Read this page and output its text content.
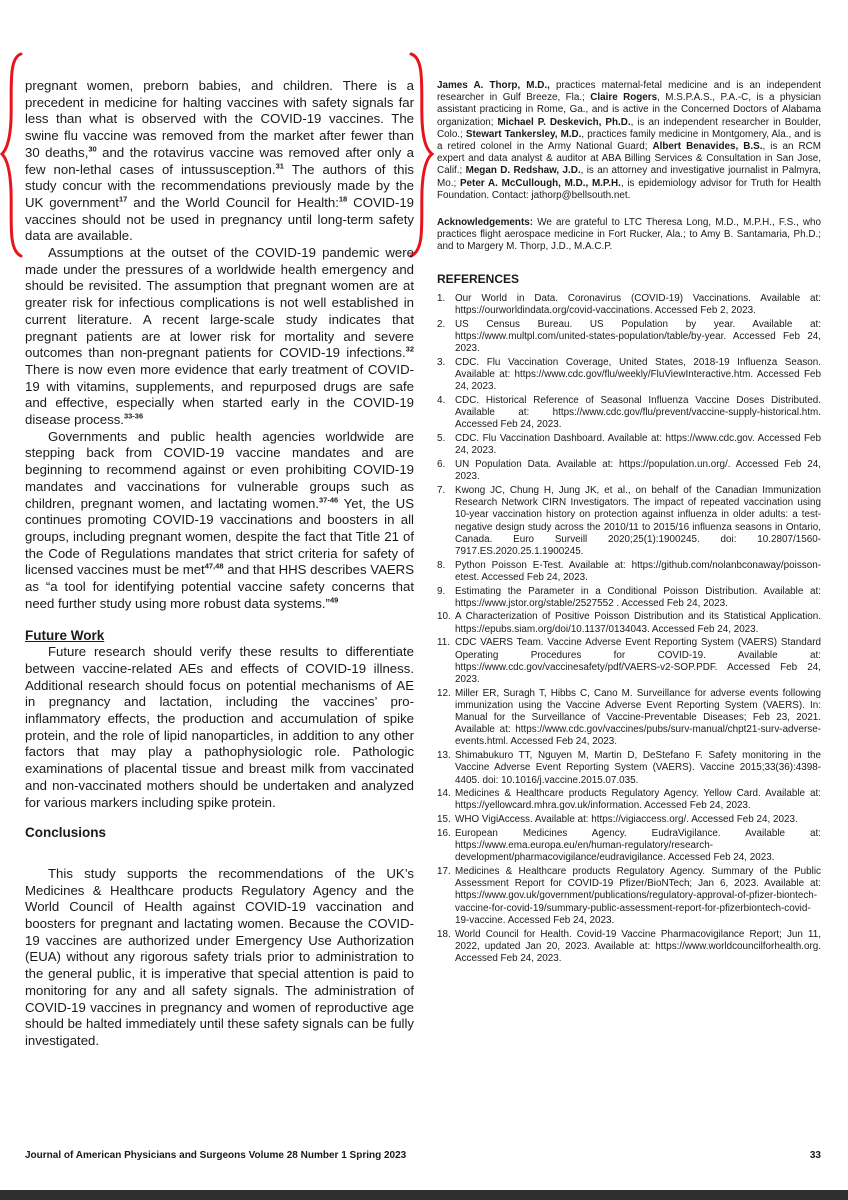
pregnant women, preborn babies, and children. There is a precedent in medicine for halting vaccines with safety signals far less than what is observed with the COVID-19 vaccines. The swine flu vaccine was removed from the market after fewer than 30 deaths,$^{30}$ and the rotavirus vaccine was removed after only a few non-lethal cases of intussusception.$^{31}$ The authors of this study concur with the recommendations previously made by the UK government$^{17}$ and the World Council for Health:$^{18}$ COVID-19 vaccines should not be used in pregnancy until long-term safety data are available.

Assumptions at the outset of the COVID-19 pandemic were made under the pressures of a worldwide health emergency and should be revisited. The assumption that pregnant women are at greater risk for infectious complications is not well established in current literature. A recent large-scale study indicates that pregnant patients are at lower risk for mortality and severe outcomes than non-pregnant patients for COVID-19 infections.$^{32}$ There is now even more evidence that early treatment of COVID-19 with vitamins, supplements, and repurposed drugs are safe and effective, especially when started early in the COVID-19 disease process.$^{33-36}$

Governments and public health agencies worldwide are stepping back from COVID-19 vaccine mandates and are beginning to recommend against or even prohibiting COVID-19 mandates and vaccinations for vulnerable groups such as children, pregnant women, and lactating women.$^{37-46}$ Yet, the US continues promoting COVID-19 vaccinations and boosters in all groups, including pregnant women, despite the fact that Title 21 of the Code of Regulations mandates that strict criteria for safety of licensed vaccines must be met$^{47,48}$ and that HHS describes VAERS as “a tool for identifying potential vaccine safety concerns that need further study using more robust data systems.”$^{49}$

Future Work

Future research should verify these results to differentiate between vaccine-related AEs and effects of COVID-19 illness. Additional research should focus on potential mechanisms of AE in pregnancy and lactation, including the vaccines’ pro-inflammatory effects, the production and accumulation of spike protein, and the role of lipid nanoparticles, in addition to any other factors that may play a pathophysiologic role. Pathologic examinations of placental tissue and breast milk from vaccinated and non-vaccinated mothers should be undertaken and analyzed for various markers including spike protein.

Conclusions

This study supports the recommendations of the UK’s Medicines & Healthcare products Regulatory Agency and the World Council of Health against COVID-19 vaccination and boosters for pregnant and lactating women. Because the COVID-19 vaccines are authorized under Emergency Use Authorization (EUA) without any rigorous safety trials prior to administration to the general public, it is imperative that special attention is paid to monitoring for any and all safety signals. The administration of COVID-19 vaccines in pregnancy and women of reproductive age should be halted immediately until these safety signals can be fully investigated.

James A. Thorp, M.D., practices maternal-fetal medicine and is an independent researcher in Gulf Breeze, Fla.; Claire Rogers, M.S.P.A.S., P.A.-C, is a physician assistant practicing in Rome, Ga., and is active in the Concerned Doctors of Alabama organization; Michael P. Deskevich, Ph.D., is an independent researcher in Boulder, Colo.; Stewart Tankersley, M.D., practices family medicine in Montgomery, Ala., and is a retired colonel in the Army National Guard; Albert Benavides, B.S., is an RCM expert and data analyst & auditor at ABA Billing Services & Consultation in San Jose, Calif.; Megan D. Redshaw, J.D., is an attorney and investigative journalist in Palmyra, Mo.; Peter A. McCullough, M.D., M.P.H., is epidemiology advisor for Truth for Health Foundation. Contact: jathorp@bellsouth.net.

Acknowledgements: We are grateful to LTC Theresa Long, M.D., M.P.H., F.S., who practices flight aerospace medicine in Fort Rucker, Ala.; to Amy B. Santamaria, Ph.D.; and to Margery M. Thorp, J.D., M.A.C.P.

REFERENCES

1. Our World in Data. Coronavirus (COVID-19) Vaccinations. Available at: https://ourworldindata.org/covid-vaccinations. Accessed Feb 2, 2023.
2. US Census Bureau. US Population by year. Available at: https://www.multpl.com/united-states-population/table/by-year. Accessed Feb 24, 2023.
3. CDC. Flu Vaccination Coverage, United States, 2018-19 Influenza Season. Available at: https://www.cdc.gov/flu/weekly/FluViewInteractive.htm. Accessed Feb 24, 2023.
4. CDC. Historical Reference of Seasonal Influenza Vaccine Doses Distributed. Available at: https://www.cdc.gov/flu/prevent/vaccine-supply-historical.htm. Accessed Feb 24, 2023.
5. CDC. Flu Vaccination Dashboard. Available at: https://www.cdc.gov. Accessed Feb 24, 2023.
6. UN Population Data. Available at: https://population.un.org/. Accessed Feb 24, 2023.
7. Kwong JC, Chung H, Jung JK, et al., on behalf of the Canadian Immunization Research Network CIRN Investigators. The impact of repeated vaccination using 10-year vaccination history on protection against influenza in older adults: a test-negative design study across the 2010/11 to 2015/16 influenza seasons in Ontario, Canada. Euro Surveill 2020;25(1):1900245. doi: 10.2807/1560-7917.ES.2020.25.1.1900245.
8. Python Poisson E-Test. Available at: https://github.com/nolanbconaway/poisson-etest. Accessed Feb 24, 2023.
9. Estimating the Parameter in a Conditional Poisson Distribution. Available at: https://www.jstor.org/stable/2527552 . Accessed Feb 24, 2023.
10. A Characterization of Positive Poisson Distribution and its Statistical Application. https://epubs.siam.org/doi/10.1137/0134043. Accessed Feb 24, 2023.
11. CDC VAERS Team. Vaccine Adverse Event Reporting System (VAERS) Standard Operating Procedures for COVID-19. Available at: https://www.cdc.gov/vaccinesafety/pdf/VAERS-v2-SOP.PDF. Accessed Feb 24, 2023.
12. Miller ER, Suragh T, Hibbs C, Cano M. Surveillance for adverse events following immunization using the Vaccine Adverse Event Reporting System (VAERS). In: Manual for the Surveillance of Vaccine-Preventable Diseases; Feb 23, 2021. Available at: https://www.cdc.gov/vaccines/pubs/surv-manual/chpt21-surv-adverse-events.html. Accessed Feb 24, 2023.
13. Shimabukuro TT, Nguyen M, Martin D, DeStefano F. Safety monitoring in the Vaccine Adverse Event Reporting System (VAERS). Vaccine 2015;33(36):4398-4405. doi: 10.1016/j.vaccine.2015.07.035.
14. Medicines & Healthcare products Regulatory Agency. Yellow Card. Available at: https://yellowcard.mhra.gov.uk/information. Accessed Feb 24, 2023.
15. WHO VigiAccess. Available at: https://vigiaccess.org/. Accessed Feb 24, 2023.
16. European Medicines Agency. EudraVigilance. Available at: https://www.ema.europa.eu/en/human-regulatory/research-development/pharmacovigilance/eudravigilance. Accessed Feb 24, 2023.
17. Medicines & Healthcare products Regulatory Agency. Summary of the Public Assessment Report for COVID-19 Pfizer/BioNTech; Jan 6, 2023. Available at: https://www.gov.uk/government/publications/regulatory-approval-of-pfizer-biontech-vaccine-for-covid-19/summary-public-assessment-report-for-pfizerbiontech-covid-19-vaccine. Accessed Feb 24, 2023.
18. World Council for Health. Covid-19 Vaccine Pharmacovigilance Report; Jun 11, 2022, updated Jan 20, 2023. Available at: https://www.worldcouncilforhealth.org. Accessed Feb 24, 2023.
Journal of American Physicians and Surgeons Volume 28 Number 1 Spring 2023	33
